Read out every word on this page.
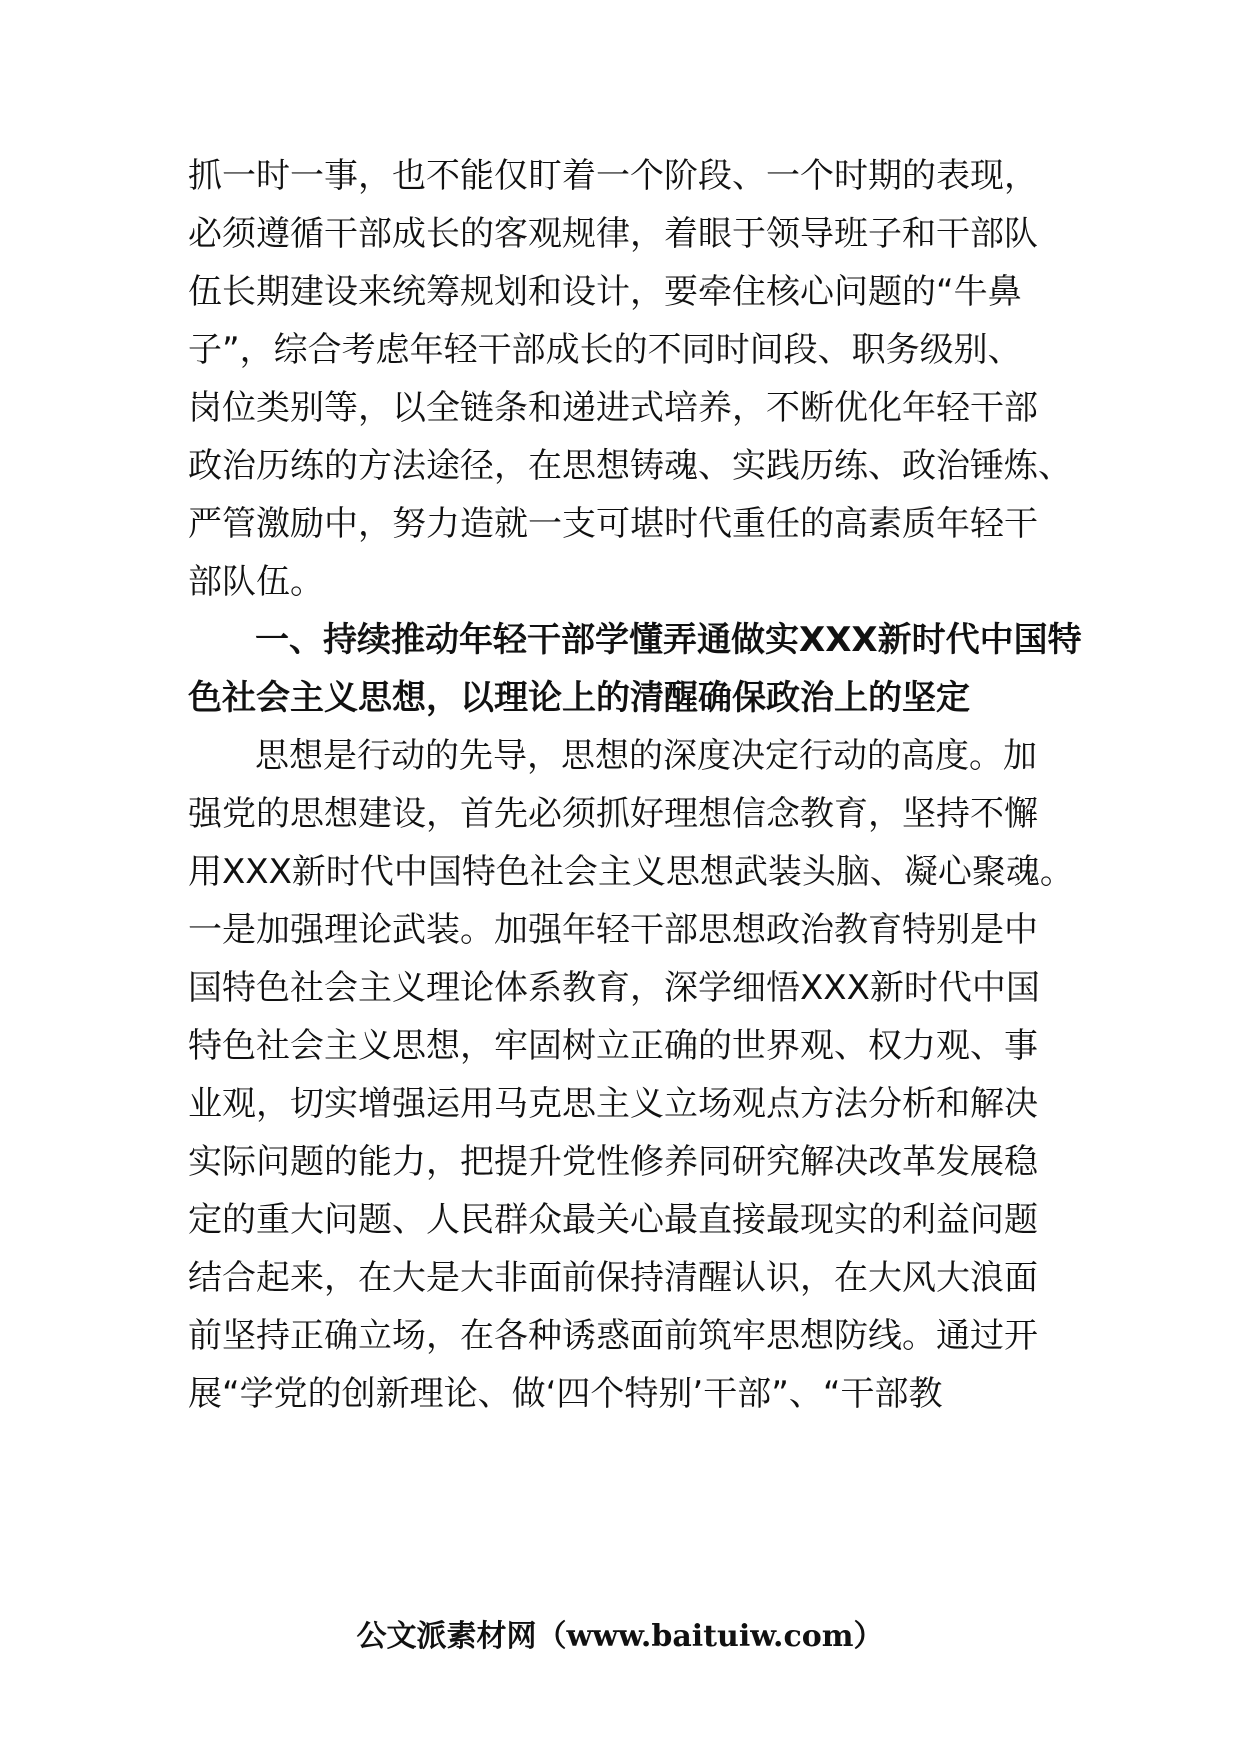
抓一时一事，也不能仅盯着一个阶段、一个时期的表现，
必须遵循干部成长的客观规律，着眼于领导班子和干部队
伍长期建设来统筹规划和设计，要牵住核心问题的“牛鼻
子”，综合考虑年轻干部成长的不同时间段、职务级别、
岗位类别等，以全链条和递进式培养，不断优化年轻干部
政治历练的方法途径，在思想铸魂、实践历练、政治锤炼、
严管激励中，努力造就一支可堪时代重任的高素质年轻干
部队伍。
一、持续推动年轻干部学懂弄通做实XXX新时代中国特
色社会主义思想，以理论上的清醒确保政治上的坚定
思想是行动的先导，思想的深度决定行动的高度。加
强党的思想建设，首先必须抓好理想信念教育，坚持不懈
用XXX新时代中国特色社会主义思想武装头脑、凝心聚魂。
一是加强理论武装。加强年轻干部思想政治教育特别是中
国特色社会主义理论体系教育，深学细悟XXX新时代中国
特色社会主义思想，牢固树立正确的世界观、权力观、事
业观，切实增强运用马克思主义立场观点方法分析和解决
实际问题的能力，把提升党性修养同研究解决改革发展稳
定的重大问题、人民群众最关心最直接最现实的利益问题
结合起来，在大是大非面前保持清醒认识，在大风大浪面
前坚持正确立场，在各种诱惑面前筑牢思想防线。通过开
展“学党的创新理论、做‘四个特别’干部”、“干部教
公文派素材网（www.baituiw.com）
